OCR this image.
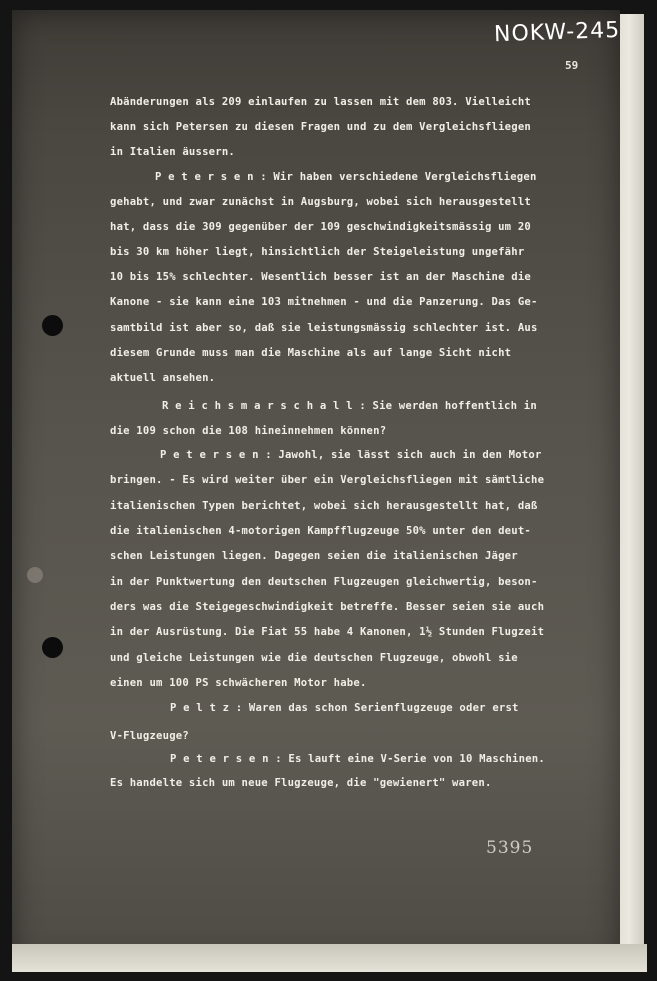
NOKW-245
59
Abänderungen als 209 einlaufen zu lassen mit dem 803. Vielleicht
kann sich Petersen zu diesen Fragen und zu dem Vergleichsfliegen
in Italien äussern.
P e t e r s e n : Wir haben verschiedene Vergleichsfliegen
gehabt, und zwar zunächst in Augsburg, wobei sich herausgestellt
hat, dass die 309 gegenüber der 109 geschwindigkeitsmässig um 20
bis 30 km höher liegt, hinsichtlich der Steigeleistung ungefähr
10 bis 15% schlechter. Wesentlich besser ist an der Maschine die
Kanone - sie kann eine 103 mitnehmen - und die Panzerung. Das Ge-
samtbild ist aber so, daß sie leistungsmässig schlechter ist. Aus
diesem Grunde muss man die Maschine als auf lange Sicht nicht
aktuell ansehen.
R e i c h s m a r s c h a l l : Sie werden hoffentlich in
die 109 schon die 108 hineinnehmen können?
P e t e r s e n : Jawohl, sie lässt sich auch in den Motor
bringen. - Es wird weiter über ein Vergleichsfliegen mit sämtliche
italienischen Typen berichtet, wobei sich herausgestellt hat, daß
die italienischen 4-motorigen Kampfflugzeuge 50% unter den deut-
schen Leistungen liegen. Dagegen seien die italienischen Jäger
in der Punktwertung den deutschen Flugzeugen gleichwertig, beson-
ders was die Steigegeschwindigkeit betreffe. Besser seien sie auch
in der Ausrüstung. Die Fiat 55 habe 4 Kanonen, 1½ Stunden Flugzeit
und gleiche Leistungen wie die deutschen Flugzeuge, obwohl sie
einen um 100 PS schwächeren Motor habe.
P e l t z : Waren das schon Serienflugzeuge oder erst
V-Flugzeuge?
P e t e r s e n : Es lauft eine V-Serie von 10 Maschinen.
Es handelte sich um neue Flugzeuge, die "gewienert" waren.
5395
